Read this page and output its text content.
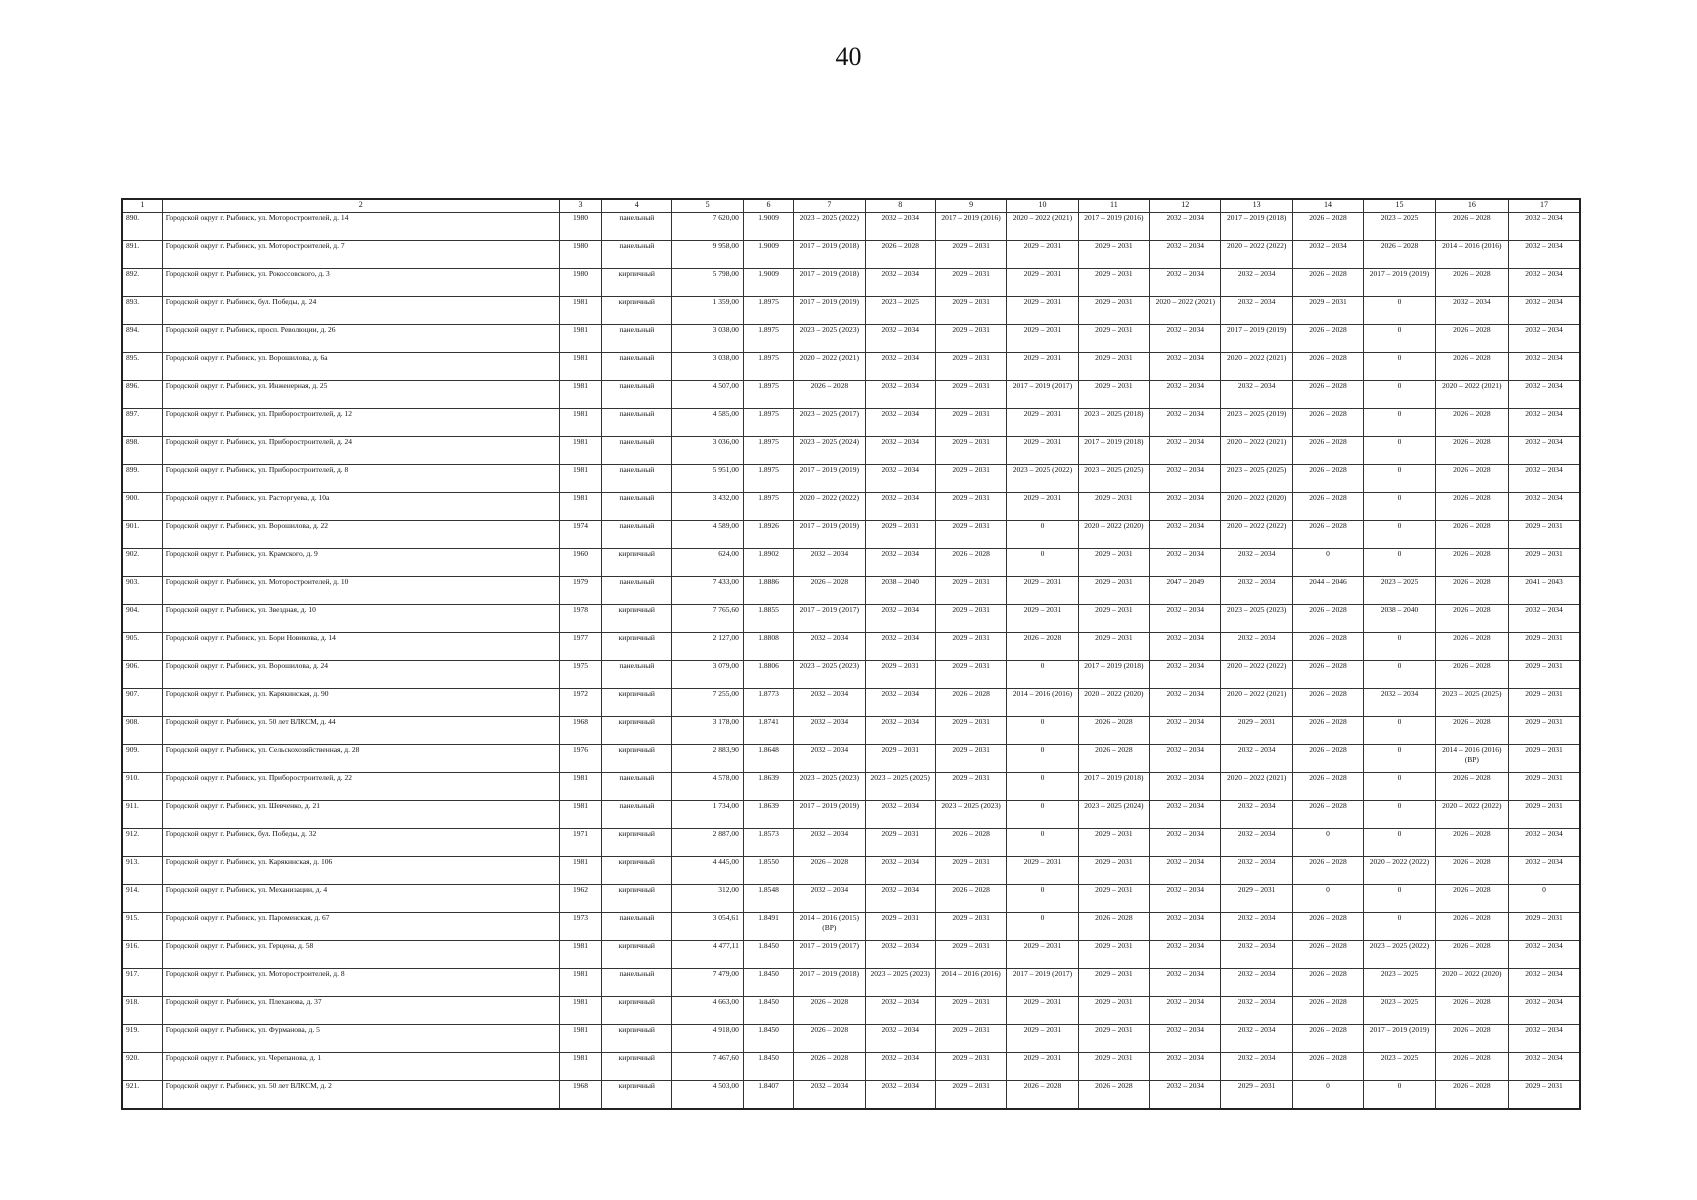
40
1	2	3	4	5	6	7	8	9	10	11	12	13	14	15	16	17
890.	Городской округ г. Рыбинск, ул. Моторостроителей, д. 14	1980	панельный	7 620,00	1.9009	2023 – 2025 (2022)	2032 – 2034	2017 – 2019 (2016)	2020 – 2022 (2021)	2017 – 2019 (2016)	2032 – 2034	2017 – 2019 (2018)	2026 – 2028	2023 – 2025	2026 – 2028	2032 – 2034
891.	Городской округ г. Рыбинск, ул. Моторостроителей, д. 7	1980	панельный	9 958,00	1.9009	2017 – 2019 (2018)	2026 – 2028	2029 – 2031	2029 – 2031	2029 – 2031	2032 – 2034	2020 – 2022 (2022)	2032 – 2034	2026 – 2028	2014 – 2016 (2016)	2032 – 2034
892.	Городской округ г. Рыбинск, ул. Рокоссовского, д. 3	1980	кирпичный	5 798,00	1.9009	2017 – 2019 (2018)	2032 – 2034	2029 – 2031	2029 – 2031	2029 – 2031	2032 – 2034	2032 – 2034	2026 – 2028	2017 – 2019 (2019)	2026 – 2028	2032 – 2034
893.	Городской округ г. Рыбинск, бул. Победы, д. 24	1981	кирпичный	1 359,00	1.8975	2017 – 2019 (2019)	2023 – 2025	2029 – 2031	2029 – 2031	2029 – 2031	2020 – 2022 (2021)	2032 – 2034	2029 – 2031	0	2032 – 2034	2032 – 2034
894.	Городской округ г. Рыбинск, просп. Революции, д. 26	1981	панельный	3 038,00	1.8975	2023 – 2025 (2023)	2032 – 2034	2029 – 2031	2029 – 2031	2029 – 2031	2032 – 2034	2017 – 2019 (2019)	2026 – 2028	0	2026 – 2028	2032 – 2034
895.	Городской округ г. Рыбинск, ул. Ворошилова, д. 6а	1981	панельный	3 038,00	1.8975	2020 – 2022 (2021)	2032 – 2034	2029 – 2031	2029 – 2031	2029 – 2031	2032 – 2034	2020 – 2022 (2021)	2026 – 2028	0	2026 – 2028	2032 – 2034
896.	Городской округ г. Рыбинск, ул. Инженерная, д. 25	1981	панельный	4 507,00	1.8975	2026 – 2028	2032 – 2034	2029 – 2031	2017 – 2019 (2017)	2029 – 2031	2032 – 2034	2032 – 2034	2026 – 2028	0	2020 – 2022 (2021)	2032 – 2034
897.	Городской округ г. Рыбинск, ул. Приборостроителей, д. 12	1981	панельный	4 585,00	1.8975	2023 – 2025 (2017)	2032 – 2034	2029 – 2031	2029 – 2031	2023 – 2025 (2018)	2032 – 2034	2023 – 2025 (2019)	2026 – 2028	0	2026 – 2028	2032 – 2034
898.	Городской округ г. Рыбинск, ул. Приборостроителей, д. 24	1981	панельный	3 036,00	1.8975	2023 – 2025 (2024)	2032 – 2034	2029 – 2031	2029 – 2031	2017 – 2019 (2018)	2032 – 2034	2020 – 2022 (2021)	2026 – 2028	0	2026 – 2028	2032 – 2034
899.	Городской округ г. Рыбинск, ул. Приборостроителей, д. 8	1981	панельный	5 951,00	1.8975	2017 – 2019 (2019)	2032 – 2034	2029 – 2031	2023 – 2025 (2022)	2023 – 2025 (2025)	2032 – 2034	2023 – 2025 (2025)	2026 – 2028	0	2026 – 2028	2032 – 2034
900.	Городской округ г. Рыбинск, ул. Расторгуева, д. 10а	1981	панельный	3 432,00	1.8975	2020 – 2022 (2022)	2032 – 2034	2029 – 2031	2029 – 2031	2029 – 2031	2032 – 2034	2020 – 2022 (2020)	2026 – 2028	0	2026 – 2028	2032 – 2034
901.	Городской округ г. Рыбинск, ул. Ворошилова, д. 22	1974	панельный	4 589,00	1.8926	2017 – 2019 (2019)	2029 – 2031	2029 – 2031	0	2020 – 2022 (2020)	2032 – 2034	2020 – 2022 (2022)	2026 – 2028	0	2026 – 2028	2029 – 2031
902.	Городской округ г. Рыбинск, ул. Крамского, д. 9	1960	кирпичный	624,00	1.8902	2032 – 2034	2032 – 2034	2026 – 2028	0	2029 – 2031	2032 – 2034	2032 – 2034	0	0	2026 – 2028	2029 – 2031
903.	Городской округ г. Рыбинск, ул. Моторостроителей, д. 10	1979	панельный	7 433,00	1.8886	2026 – 2028	2038 – 2040	2029 – 2031	2029 – 2031	2029 – 2031	2047 – 2049	2032 – 2034	2044 – 2046	2023 – 2025	2026 – 2028	2041 – 2043
904.	Городской округ г. Рыбинск, ул. Звездная, д. 10	1978	кирпичный	7 765,60	1.8855	2017 – 2019 (2017)	2032 – 2034	2029 – 2031	2029 – 2031	2029 – 2031	2032 – 2034	2023 – 2025 (2023)	2026 – 2028	2038 – 2040	2026 – 2028	2032 – 2034
905.	Городской округ г. Рыбинск, ул. Бори Новикова, д. 14	1977	кирпичный	2 127,00	1.8808	2032 – 2034	2032 – 2034	2029 – 2031	2026 – 2028	2029 – 2031	2032 – 2034	2032 – 2034	2026 – 2028	0	2026 – 2028	2029 – 2031
906.	Городской округ г. Рыбинск, ул. Ворошилова, д. 24	1975	панельный	3 079,00	1.8806	2023 – 2025 (2023)	2029 – 2031	2029 – 2031	0	2017 – 2019 (2018)	2032 – 2034	2020 – 2022 (2022)	2026 – 2028	0	2026 – 2028	2029 – 2031
907.	Городской округ г. Рыбинск, ул. Карякинская, д. 90	1972	кирпичный	7 255,00	1.8773	2032 – 2034	2032 – 2034	2026 – 2028	2014 – 2016 (2016)	2020 – 2022 (2020)	2032 – 2034	2020 – 2022 (2021)	2026 – 2028	2032 – 2034	2023 – 2025 (2025)	2029 – 2031
908.	Городской округ г. Рыбинск, ул. 50 лет ВЛКСМ, д. 44	1968	кирпичный	3 178,00	1.8741	2032 – 2034	2032 – 2034	2029 – 2031	0	2026 – 2028	2032 – 2034	2029 – 2031	2026 – 2028	0	2026 – 2028	2029 – 2031
909.	Городской округ г. Рыбинск, ул. Сельскохозяйственная, д. 28	1976	кирпичный	2 883,90	1.8648	2032 – 2034	2029 – 2031	2029 – 2031	0	2026 – 2028	2032 – 2034	2032 – 2034	2026 – 2028	0	2014 – 2016 (2016) (ВР)	2029 – 2031
910.	Городской округ г. Рыбинск, ул. Приборостроителей, д. 22	1981	панельный	4 578,00	1.8639	2023 – 2025 (2023)	2023 – 2025 (2025)	2029 – 2031	0	2017 – 2019 (2018)	2032 – 2034	2020 – 2022 (2021)	2026 – 2028	0	2026 – 2028	2029 – 2031
911.	Городской округ г. Рыбинск, ул. Шевченко, д. 21	1981	панельный	1 734,00	1.8639	2017 – 2019 (2019)	2032 – 2034	2023 – 2025 (2023)	0	2023 – 2025 (2024)	2032 – 2034	2032 – 2034	2026 – 2028	0	2020 – 2022 (2022)	2029 – 2031
912.	Городской округ г. Рыбинск, бул. Победы, д. 32	1971	кирпичный	2 887,00	1.8573	2032 – 2034	2029 – 2031	2026 – 2028	0	2029 – 2031	2032 – 2034	2032 – 2034	0	0	2026 – 2028	2032 – 2034
913.	Городской округ г. Рыбинск, ул. Карякинская, д. 106	1981	кирпичный	4 445,00	1.8550	2026 – 2028	2032 – 2034	2029 – 2031	2029 – 2031	2029 – 2031	2032 – 2034	2032 – 2034	2026 – 2028	2020 – 2022 (2022)	2026 – 2028	2032 – 2034
914.	Городской округ г. Рыбинск, ул. Механизации, д. 4	1962	кирпичный	312,00	1.8548	2032 – 2034	2032 – 2034	2026 – 2028	0	2029 – 2031	2032 – 2034	2029 – 2031	0	0	2026 – 2028	0
915.	Городской округ г. Рыбинск, ул. Пароменская, д. 67	1973	панельный	3 054,61	1.8491	2014 – 2016 (2015) (ВР)	2029 – 2031	2029 – 2031	0	2026 – 2028	2032 – 2034	2032 – 2034	2026 – 2028	0	2026 – 2028	2029 – 2031
916.	Городской округ г. Рыбинск, ул. Герцена, д. 58	1981	кирпичный	4 477,11	1.8450	2017 – 2019 (2017)	2032 – 2034	2029 – 2031	2029 – 2031	2029 – 2031	2032 – 2034	2032 – 2034	2026 – 2028	2023 – 2025 (2022)	2026 – 2028	2032 – 2034
917.	Городской округ г. Рыбинск, ул. Моторостроителей, д. 8	1981	панельный	7 479,00	1.8450	2017 – 2019 (2018)	2023 – 2025 (2023)	2014 – 2016 (2016)	2017 – 2019 (2017)	2029 – 2031	2032 – 2034	2032 – 2034	2026 – 2028	2023 – 2025	2020 – 2022 (2020)	2032 – 2034
918.	Городской округ г. Рыбинск, ул. Плеханова, д. 37	1981	кирпичный	4 663,00	1.8450	2026 – 2028	2032 – 2034	2029 – 2031	2029 – 2031	2029 – 2031	2032 – 2034	2032 – 2034	2026 – 2028	2023 – 2025	2026 – 2028	2032 – 2034
919.	Городской округ г. Рыбинск, ул. Фурманова, д. 5	1981	кирпичный	4 918,00	1.8450	2026 – 2028	2032 – 2034	2029 – 2031	2029 – 2031	2029 – 2031	2032 – 2034	2032 – 2034	2026 – 2028	2017 – 2019 (2019)	2026 – 2028	2032 – 2034
920.	Городской округ г. Рыбинск, ул. Черепанова, д. 1	1981	кирпичный	7 467,60	1.8450	2026 – 2028	2032 – 2034	2029 – 2031	2029 – 2031	2029 – 2031	2032 – 2034	2032 – 2034	2026 – 2028	2023 – 2025	2026 – 2028	2032 – 2034
921.	Городской округ г. Рыбинск, ул. 50 лет ВЛКСМ, д. 2	1968	кирпичный	4 503,00	1.8407	2032 – 2034	2032 – 2034	2029 – 2031	2026 – 2028	2026 – 2028	2032 – 2034	2029 – 2031	0	0	2026 – 2028	2029 – 2031
